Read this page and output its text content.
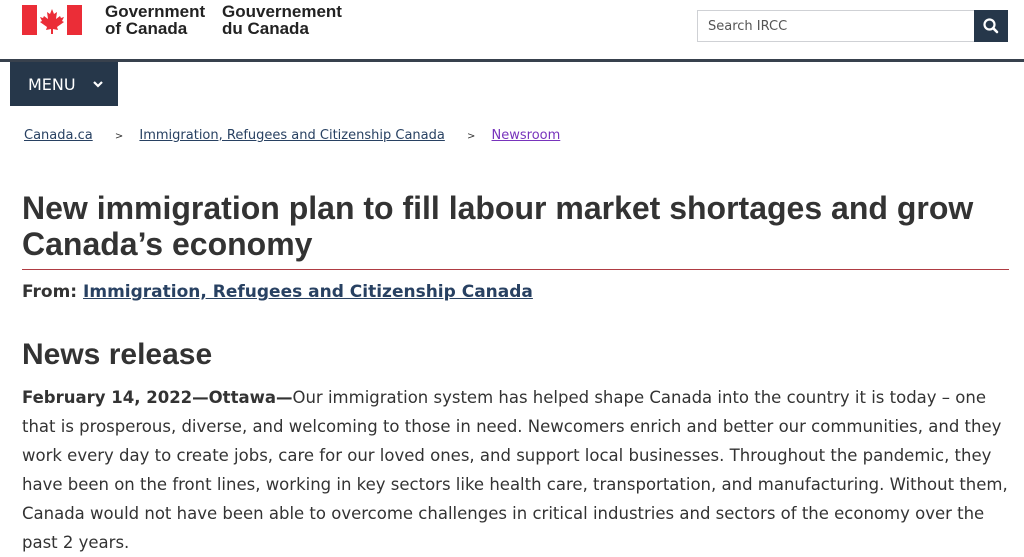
Government
of Canada
Gouvernement
du Canada
Search IRCC
MENU
Canada.ca > Immigration, Refugees and Citizenship Canada > Newsroom
New immigration plan to fill labour market shortages and grow Canada’s economy
From: Immigration, Refugees and Citizenship Canada
News release

February 14, 2022—Ottawa—Our immigration system has helped shape Canada into the country it is today – one that is prosperous, diverse, and welcoming to those in need. Newcomers enrich and better our communities, and they work every day to create jobs, care for our loved ones, and support local businesses. Throughout the pandemic, they have been on the front lines, working in key sectors like health care, transportation, and manufacturing. Without them, Canada would not have been able to overcome challenges in critical industries and sectors of the economy over the past 2 years.
